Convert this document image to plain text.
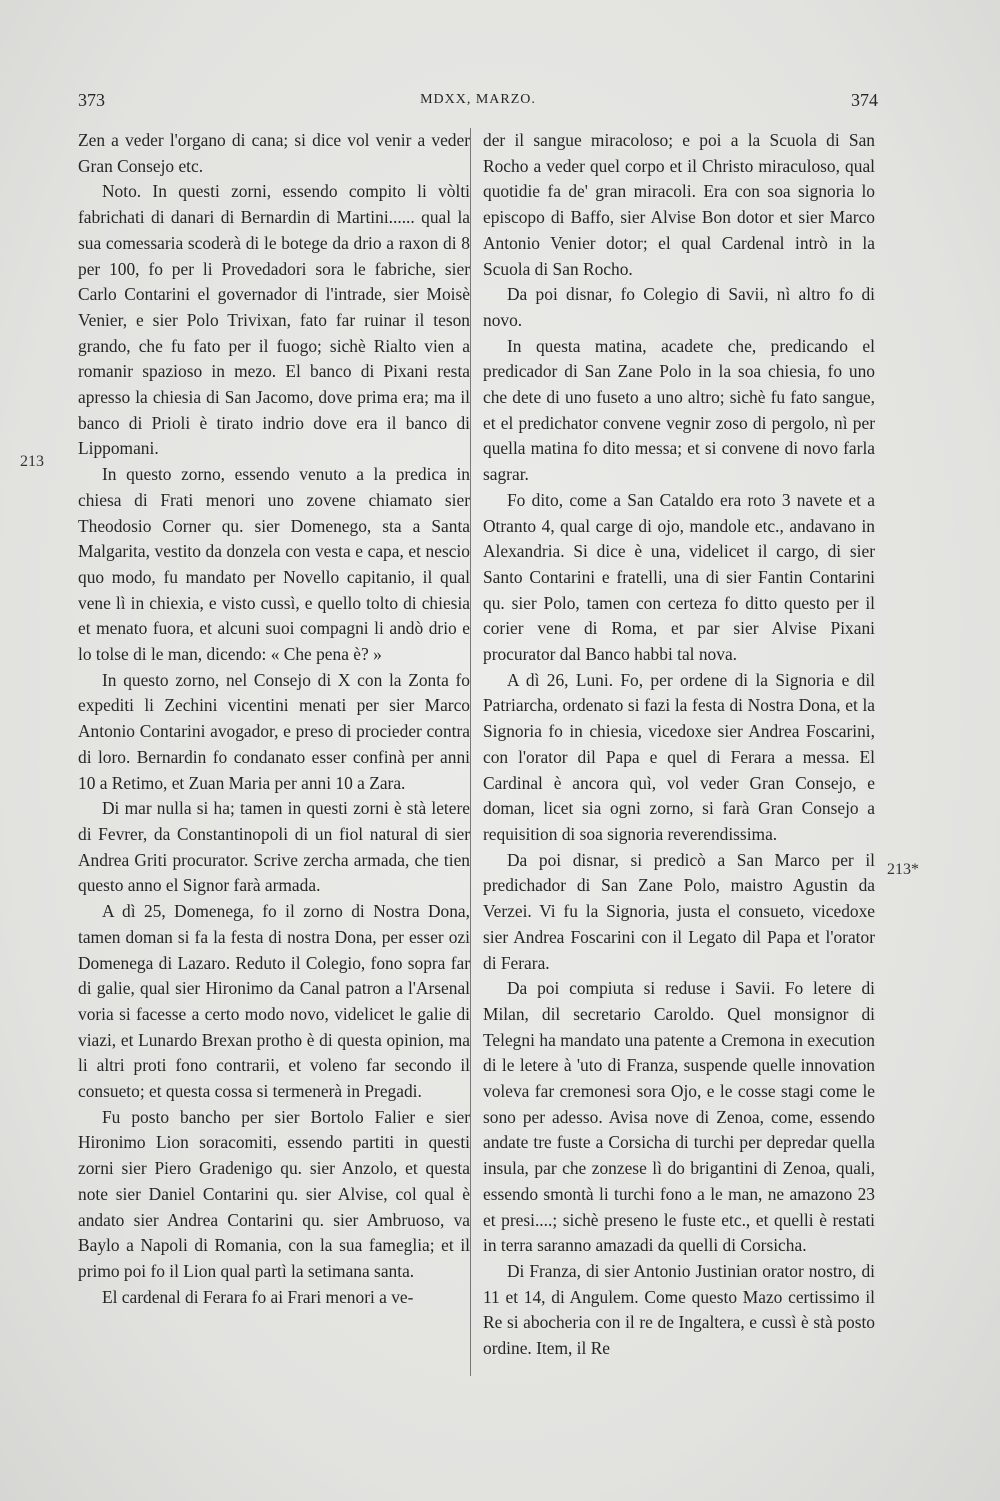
373	MDXX, MARZO.	374
213
213*

Zen a veder l'organo di cana; si dice vol venir a veder Gran Consejo etc.

Noto. In questi zorni, essendo compito li vòlti fabrichati di danari di Bernardin di Martini...... qual la sua comessaria scoderà di le botege da drio a raxon di 8 per 100, fo per li Provedadori sora le fabriche, sier Carlo Contarini el governador di l'intrade, sier Moisè Venier, e sier Polo Trivixan, fato far ruinar il teson grando, che fu fato per il fuogo; sichè Rialto vien a romanir spazioso in mezo. El banco di Pixani resta apresso la chiesia di San Jacomo, dove prima era; ma il banco di Prioli è tirato indrio dove era il banco di Lippomani.

In questo zorno, essendo venuto a la predica in chiesa di Frati menori uno zovene chiamato sier Theodosio Corner qu. sier Domenego, sta a Santa Malgarita, vestito da donzela con vesta e capa, et nescio quo modo, fu mandato per Novello capitanio, il qual vene lì in chiexia, e visto cussì, e quello tolto di chiesia et menato fuora, et alcuni suoi compagni li andò drio e lo tolse di le man, dicendo: « Che pena è? »

In questo zorno, nel Consejo di X con la Zonta fo expediti li Zechini vicentini menati per sier Marco Antonio Contarini avogador, e preso di procieder contra di loro. Bernardin fo condanato esser confinà per anni 10 a Retimo, et Zuan Maria per anni 10 a Zara.

Di mar nulla si ha; tamen in questi zorni è stà letere di Fevrer, da Constantinopoli di un fiol natural di sier Andrea Griti procurator. Scrive zercha armada, che tien questo anno el Signor farà armada.

A dì 25, Domenega, fo il zorno di Nostra Dona, tamen doman si fa la festa di nostra Dona, per esser ozi Domenega di Lazaro. Reduto il Colegio, fono sopra far di galie, qual sier Hironimo da Canal patron a l'Arsenal voria si facesse a certo modo novo, videlicet le galie di viazi, et Lunardo Brexan protho è di questa opinion, ma li altri proti fono contrarii, et voleno far secondo il consueto; et questa cossa si termenerà in Pregadi.

Fu posto bancho per sier Bortolo Falier e sier Hironimo Lion soracomiti, essendo partiti in questi zorni sier Piero Gradenigo qu. sier Anzolo, et questa note sier Daniel Contarini qu. sier Alvise, col qual è andato sier Andrea Contarini qu. sier Ambruoso, va Baylo a Napoli di Romania, con la sua fameglia; et il primo poi fo il Lion qual partì la setimana santa.

El cardenal di Ferara fo ai Frari menori a ve-

der il sangue miracoloso; e poi a la Scuola di San Rocho a veder quel corpo et il Christo miraculoso, qual quotidie fa de' gran miracoli. Era con soa signoria lo episcopo di Baffo, sier Alvise Bon dotor et sier Marco Antonio Venier dotor; el qual Cardenal intrò in la Scuola di San Rocho.

Da poi disnar, fo Colegio di Savii, nì altro fo di novo.

In questa matina, acadete che, predicando el predicador di San Zane Polo in la soa chiesia, fo uno che dete di uno fuseto a uno altro; sichè fu fato sangue, et el predichator convene vegnir zoso di pergolo, nì per quella matina fo dito messa; et si convene di novo farla sagrar.

Fo dito, come a San Cataldo era roto 3 navete et a Otranto 4, qual carge di ojo, mandole etc., andavano in Alexandria. Si dice è una, videlicet il cargo, di sier Santo Contarini e fratelli, una di sier Fantin Contarini qu. sier Polo, tamen con certeza fo ditto questo per il corier vene di Roma, et par sier Alvise Pixani procurator dal Banco habbi tal nova.

A dì 26, Luni. Fo, per ordene di la Signoria e dil Patriarcha, ordenato si fazi la festa di Nostra Dona, et la Signoria fo in chiesia, vicedoxe sier Andrea Foscarini, con l'orator dil Papa e quel di Ferara a messa. El Cardinal è ancora quì, vol veder Gran Consejo, e doman, licet sia ogni zorno, si farà Gran Consejo a requisition di soa signoria reverendissima.

Da poi disnar, si predicò a San Marco per il predichador di San Zane Polo, maistro Agustin da Verzei. Vi fu la Signoria, justa el consueto, vicedoxe sier Andrea Foscarini con il Legato dil Papa et l'orator di Ferara.

Da poi compiuta si reduse i Savii. Fo letere di Milan, dil secretario Caroldo. Quel monsignor di Telegni ha mandato una patente a Cremona in execution di le letere à 'uto di Franza, suspende quelle innovation voleva far cremonesi sora Ojo, e le cosse stagi come le sono per adesso. Avisa nove di Zenoa, come, essendo andate tre fuste a Corsicha di turchi per depredar quella insula, par che zonzese lì do brigantini di Zenoa, quali, essendo smontà li turchi fono a le man, ne amazono 23 et presi....; sichè preseno le fuste etc., et quelli è restati in terra saranno amazadi da quelli di Corsicha.

Di Franza, di sier Antonio Justinian orator nostro, di 11 et 14, di Angulem. Come questo Mazo certissimo il Re si abocheria con il re de Ingaltera, e cussì è stà posto ordine. Item, il Re
